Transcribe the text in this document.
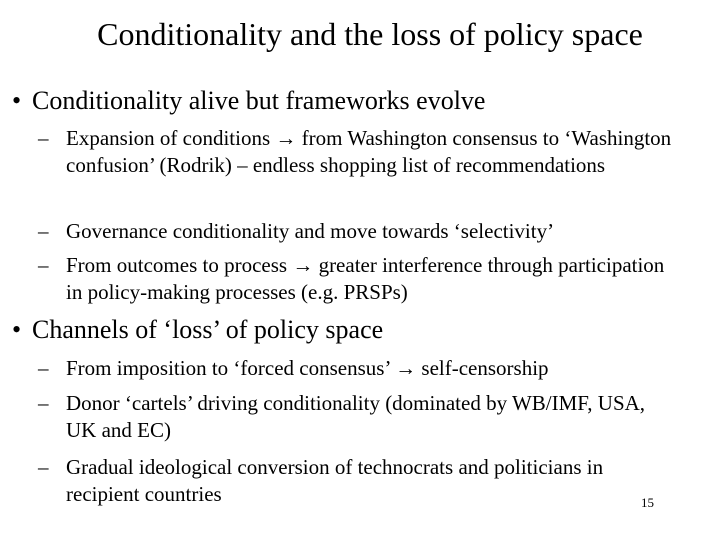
Conditionality and the loss of policy space
• Conditionality alive but frameworks evolve
– Expansion of conditions → from Washington consensus to ‘Washington confusion’ (Rodrik) – endless shopping list of recommendations
– Governance conditionality and move towards ‘selectivity’
– From outcomes to process → greater interference through participation in policy-making processes (e.g. PRSPs)
• Channels of ‘loss’ of policy space
– From imposition to ‘forced consensus’ → self-censorship
– Donor ‘cartels’ driving conditionality (dominated by WB/IMF, USA, UK and EC)
– Gradual ideological conversion of technocrats and politicians in recipient countries	15
